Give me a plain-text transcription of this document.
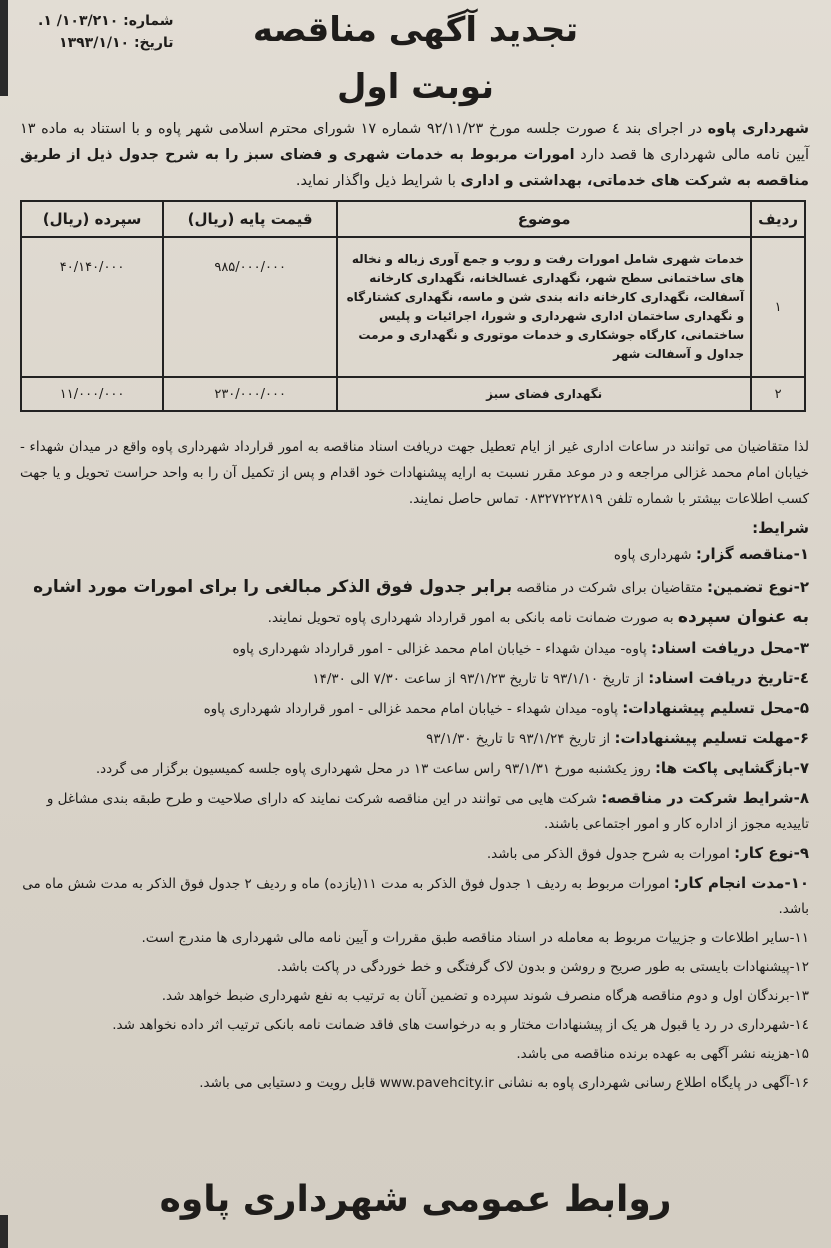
شماره: ۱۰۳/۲۱۰/ ۱.
تاریخ: ۱۳۹۳/۱/۱۰	تجدید آگهی مناقصه
نوبت اول
شهرداری پاوه در اجرای بند ٤ صورت جلسه مورخ ۹۲/۱۱/۲۳ شماره ۱۷ شورای محترم اسلامی شهر پاوه و با استناد به ماده ۱۳ آیین نامه مالی شهرداری ها قصد دارد امورات مربوط به خدمات شهری و فضای سبز را به شرح جدول ذیل از طریق مناقصه به شرکت های خدماتی، بهداشتی و اداری با شرایط ذیل واگذار نماید.
ردیف	موضوع	قیمت پایه (ریال)	سپرده (ریال)
۱	خدمات شهری شامل امورات رفت و روب و جمع آوری زباله و نخاله های ساختمانی سطح شهر، نگهداری غسالخانه، نگهداری کارخانه آسفالت، نگهداری کارخانه دانه بندی شن و ماسه، نگهداری کشتارگاه و نگهداری ساختمان اداری شهرداری و شورا، اجرائیات و پلیس ساختمانی، کارگاه جوشکاری و خدمات موتوری و نگهداری و مرمت جداول و آسفالت شهر	۹۸۵/۰۰۰/۰۰۰	۴۰/۱۴۰/۰۰۰
۲	نگهداری فضای سبز	۲۳۰/۰۰۰/۰۰۰	۱۱/۰۰۰/۰۰۰
لذا متقاضیان می توانند در ساعات اداری غیر از ایام تعطیل جهت دریافت اسناد مناقصه به امور قرارداد شهرداری پاوه واقع در میدان شهداء - خیابان امام محمد غزالی مراجعه و در موعد مقرر نسبت به ارایه پیشنهادات خود اقدام و پس از تکمیل آن را به واحد حراست تحویل و یا جهت کسب اطلاعات بیشتر با شماره تلفن ۰۸۳۲۷۲۲۲۸۱۹ تماس حاصل نمایند.
شرایط:
۱-مناقصه گزار: شهرداری پاوه
۲-نوع تضمین: متقاضیان برای شرکت در مناقصه برابر جدول فوق الذکر مبالغی را برای امورات مورد اشاره به عنوان سپرده به صورت ضمانت نامه بانکی به امور قرارداد شهرداری پاوه تحویل نمایند.
۳-محل دریافت اسناد: پاوه- میدان شهداء - خیابان امام محمد غزالی - امور قرارداد شهرداری پاوه
٤-تاریخ دریافت اسناد: از تاریخ ۹۳/۱/۱۰ تا تاریخ ۹۳/۱/۲۳ از ساعت ۷/۳۰ الی ۱۴/۳۰
۵-محل تسلیم پیشنهادات: پاوه- میدان شهداء - خیابان امام محمد غزالی - امور قرارداد شهرداری پاوه
۶-مهلت تسلیم پیشنهادات: از تاریخ ۹۳/۱/۲۴ تا تاریخ ۹۳/۱/۳۰
۷-بازگشایی پاکت ها: روز یکشنبه مورخ ۹۳/۱/۳۱ راس ساعت ۱۳ در محل شهرداری پاوه جلسه کمیسیون برگزار می گردد.
۸-شرایط شرکت در مناقصه: شرکت هایی می توانند در این مناقصه شرکت نمایند که دارای صلاحیت و طرح طبقه بندی مشاغل و تاییدیه مجوز از اداره کار و امور اجتماعی باشند.
۹-نوع کار: امورات به شرح جدول فوق الذکر می باشد.
۱۰-مدت انجام کار: امورات مربوط به ردیف ۱ جدول فوق الذکر به مدت ۱۱(یازده) ماه و ردیف ۲ جدول فوق الذکر به مدت شش ماه می باشد.
۱۱-سایر اطلاعات و جزییات مربوط به معامله در اسناد مناقصه طبق مقررات و آیین نامه مالی شهرداری ها مندرج است.
۱۲-پیشنهادات بایستی به طور صریح و روشن و بدون لاک گرفتگی و خط خوردگی در پاکت باشد.
۱۳-برندگان اول و دوم مناقصه هرگاه منصرف شوند سپرده و تضمین آنان به ترتیب به نفع شهرداری ضبط خواهد شد.
۱٤-شهرداری در رد یا قبول هر یک از پیشنهادات مختار و به درخواست های فاقد ضمانت نامه بانکی ترتیب اثر داده نخواهد شد.
۱۵-هزینه نشر آگهی به عهده برنده مناقصه می باشد.
۱۶-آگهی در پایگاه اطلاع رسانی شهرداری پاوه به نشانی www.pavehcity.ir قابل رویت و دستیابی می باشد.
روابط عمومی شهرداری پاوه
